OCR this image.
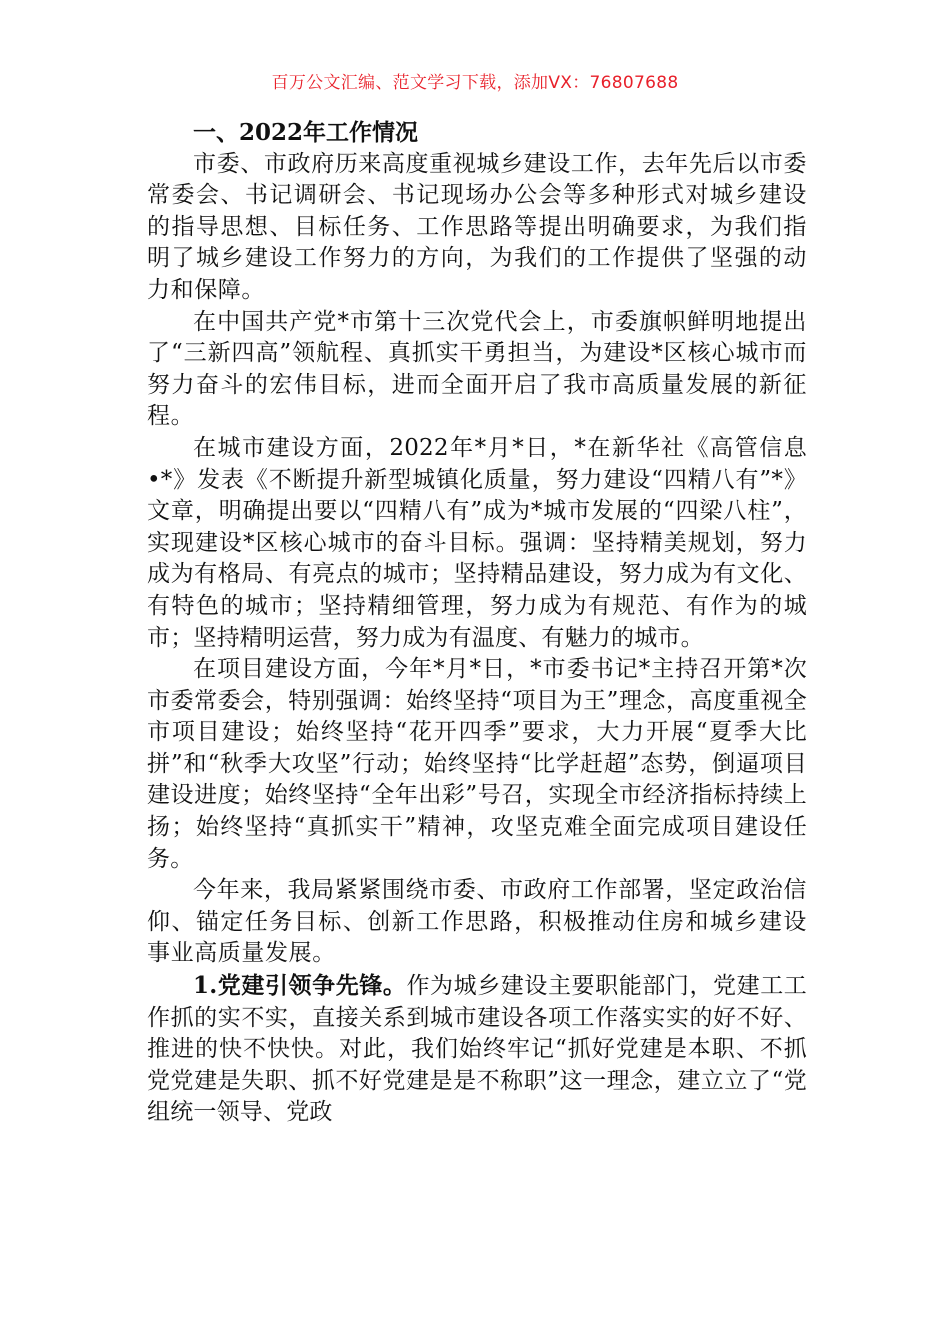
百万公文汇编、范文学习下载，添加VX：76807688

一、2022年工作情况

市委、市政府历来高度重视城乡建设工作，去年先后以市委常委会、书记调研会、书记现场办公会等多种形式对城乡建设的指导思想、目标任务、工作思路等提出明确要求，为我们指明了城乡建设工作努力的方向，为我们的工作提供了坚强的动力和保障。

在中国共产党*市第十三次党代会上，市委旗帜鲜明地提出了“三新四高”领航程、真抓实干勇担当，为建设*区核心城市而努力奋斗的宏伟目标，进而全面开启了我市高质量发展的新征程。

在城市建设方面，2022年*月*日，*在新华社《高管信息•*》发表《不断提升新型城镇化质量，努力建设“四精八有”*》文章，明确提出要以“四精八有”成为*城市发展的“四梁八柱”，实现建设*区核心城市的奋斗目标。强调：坚持精美规划，努力成为有格局、有亮点的城市；坚持精品建设，努力成为有文化、有特色的城市；坚持精细管理，努力成为有规范、有作为的城市；坚持精明运营，努力成为有温度、有魅力的城市。

在项目建设方面，今年*月*日，*市委书记*主持召开第*次市委常委会，特别强调：始终坚持“项目为王”理念，高度重视全市项目建设；始终坚持“花开四季”要求，大力开展“夏季大比拼”和“秋季大攻坚”行动；始终坚持“比学赶超”态势，倒逼项目建设进度；始终坚持“全年出彩”号召，实现全市经济指标持续上扬；始终坚持“真抓实干”精神，攻坚克难全面完成项目建设任务。

今年来，我局紧紧围绕市委、市政府工作部署，坚定政治信仰、锚定任务目标、创新工作思路，积极推动住房和城乡建设事业高质量发展。

1.党建引领争先锋。作为城乡建设主要职能部门，党建工工作抓的实不实，直接关系到城市建设各项工作落实实的好不好、推进的快不快快。对此，我们始终牢记“抓好党建是本职、不抓党党建是失职、抓不好党建是是不称职”这一理念，建立立了“党组统一领导、党政
